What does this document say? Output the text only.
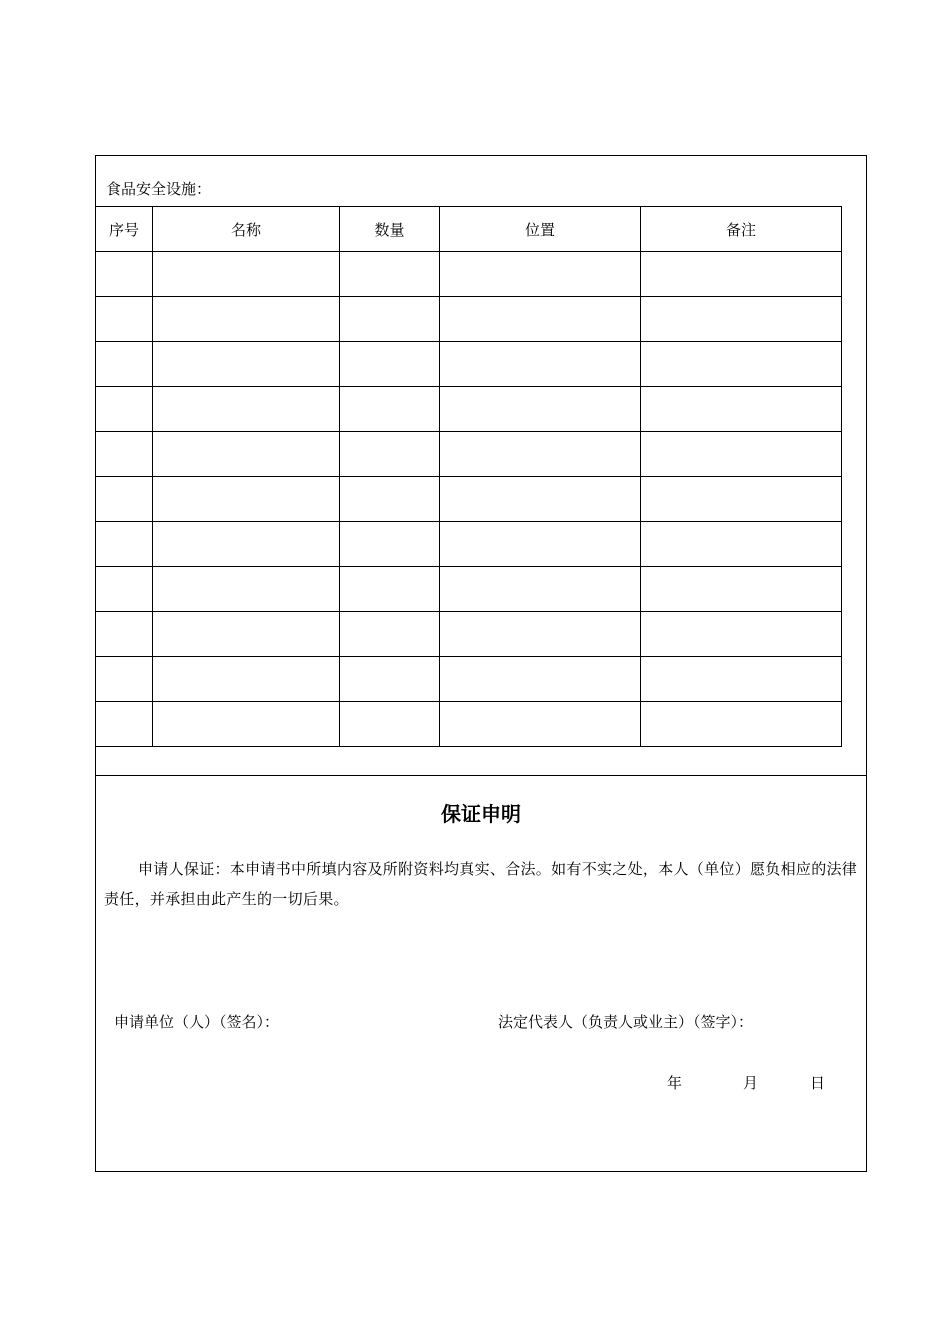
食品安全设施：
序号	名称	数量	位置	备注

保证申明
申请人保证：本申请书中所填内容及所附资料均真实、合法。如有不实之处，本人（单位）愿负相应的法律责任，并承担由此产生的一切后果。
申请单位（人）（签名）：	法定代表人（负责人或业主）（签字）：
年	月	日
